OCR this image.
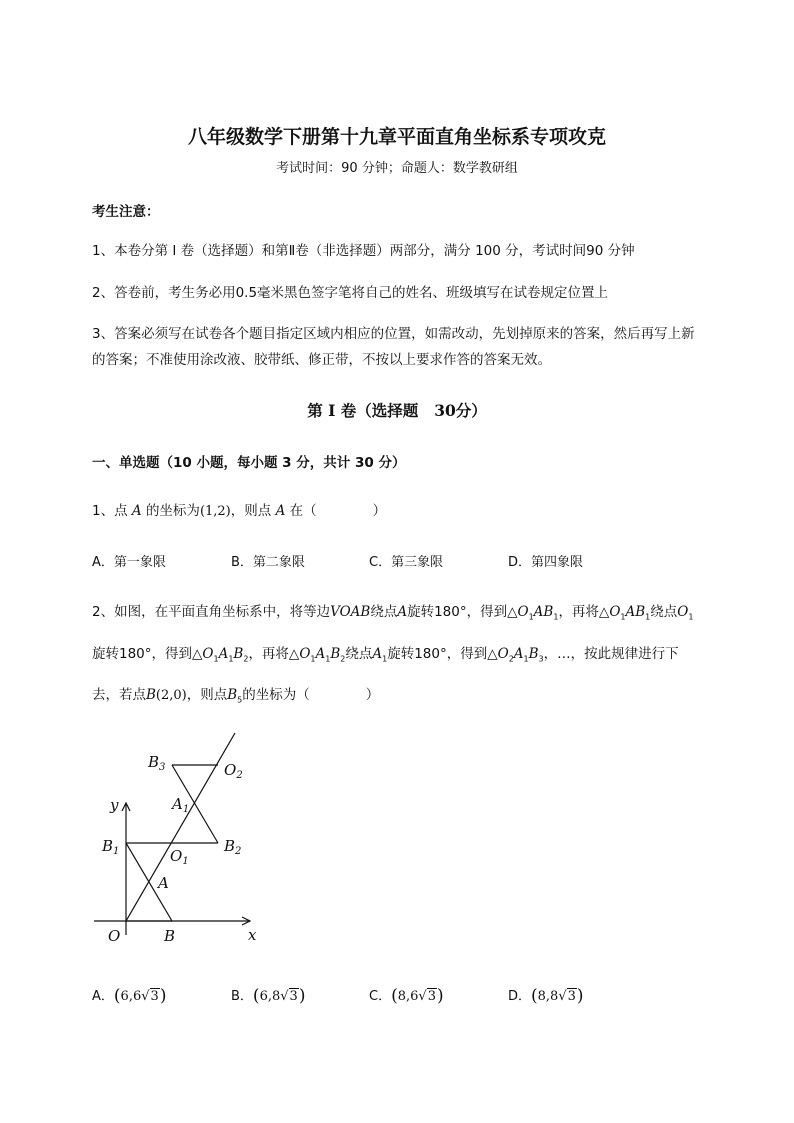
八年级数学下册第十九章平面直角坐标系专项攻克
考试时间：90 分钟；命题人：数学教研组
考生注意：
1、本卷分第 I 卷（选择题）和第Ⅱ卷（非选择题）两部分，满分 100 分，考试时间90 分钟
2、答卷前，考生务必用0.5毫米黑色签字笔将自己的姓名、班级填写在试卷规定位置上
3、答案必须写在试卷各个题目指定区域内相应的位置，如需改动，先划掉原来的答案，然后再写上新
的答案；不准使用涂改液、胶带纸、修正带，不按以上要求作答的答案无效。
第 I 卷（选择题 30分）
一、单选题（10 小题，每小题 3 分，共计 30 分）
1、点 A 的坐标为(1,2)，则点 A 在（	）
A．第一象限	B．第二象限	C．第三象限	D．第四象限
2、如图，在平面直角坐标系中，将等边VOAB绕点A旋转180°，得到$\triangle O_1AB_1$，再将$\triangle O_1AB_1$绕点$O_1$
旋转180°，得到$\triangle O_1A_1B_2$，再将$\triangle O_1A_1B_2$绕点$A_1$旋转180°，得到$\triangle O_2A_1B_3$，…，按此规律进行下
去，若点B(2,0)，则点$B_5$的坐标为（	）
$B_3$	$O_2$
y	$A_1$
$B_1$	$B_2$
$O_1$
A
O	B	x
A．(6,6√3)	B．(6,8√3)	C．(8,6√3)	D．(8,8√3)
